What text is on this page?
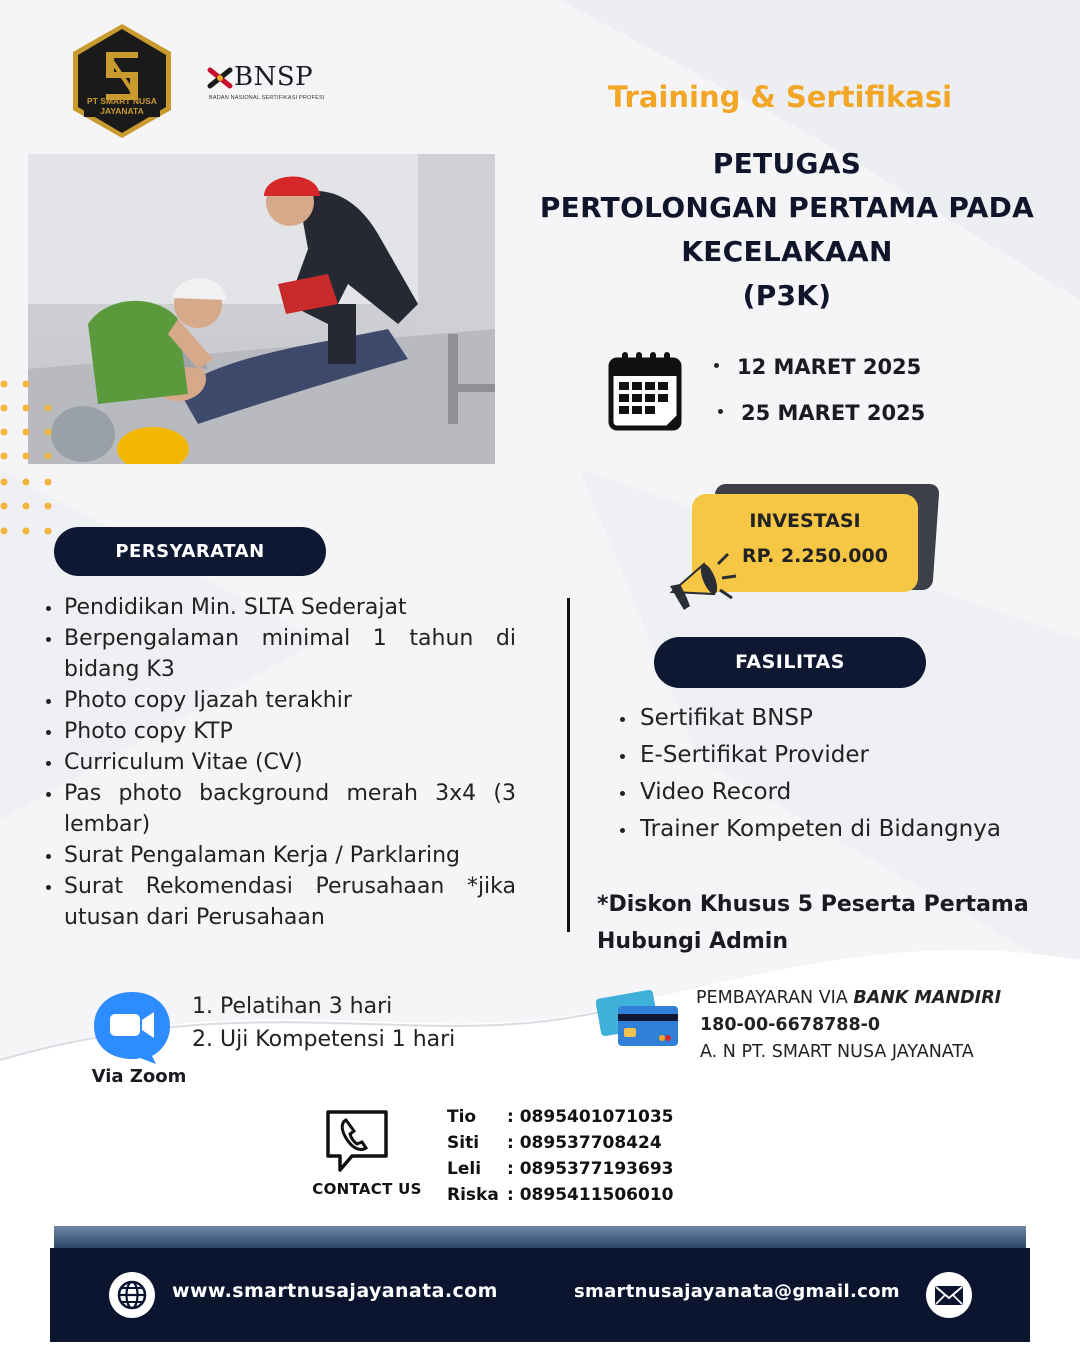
PT SMART NUSA
JAYANATA
BNSP
BADAN NASIONAL SERTIFIKASI PROFESI	Training & Sertifikasi
PETUGAS
PERTOLONGAN PERTAMA PADA
KECELAKAAN
(P3K)
12 MARET 2025
25 MARET 2025
INVESTASI
RP. 2.250.000
PERSYARATAN
Pendidikan Min. SLTA Sederajat
Berpengalaman minimal 1 tahun di bidang K3
Photo copy Ijazah terakhir
Photo copy KTP
Curriculum Vitae (CV)
Pas photo background merah 3x4 (3 lembar)
Surat Pengalaman Kerja / Parklaring
Surat Rekomendasi Perusahaan *jika utusan dari Perusahaan
FASILITAS
Sertifikat BNSP
E-Sertifikat Provider
Video Record
Trainer Kompeten di Bidangnya
*Diskon Khusus 5 Peserta Pertama
Hubungi Admin
Via Zoom
1. Pelatihan 3 hari
2. Uji Kompetensi 1 hari
PEMBAYARAN VIA BANK MANDIRI
180-00-6678788-0
A. N PT. SMART NUSA JAYANATA
CONTACT US
Tio : 0895401071035
Siti : 089537708424
Leli : 0895377193693
Riska : 0895411506010
www.smartnusajayanata.com	smartnusajayanata@gmail.com
